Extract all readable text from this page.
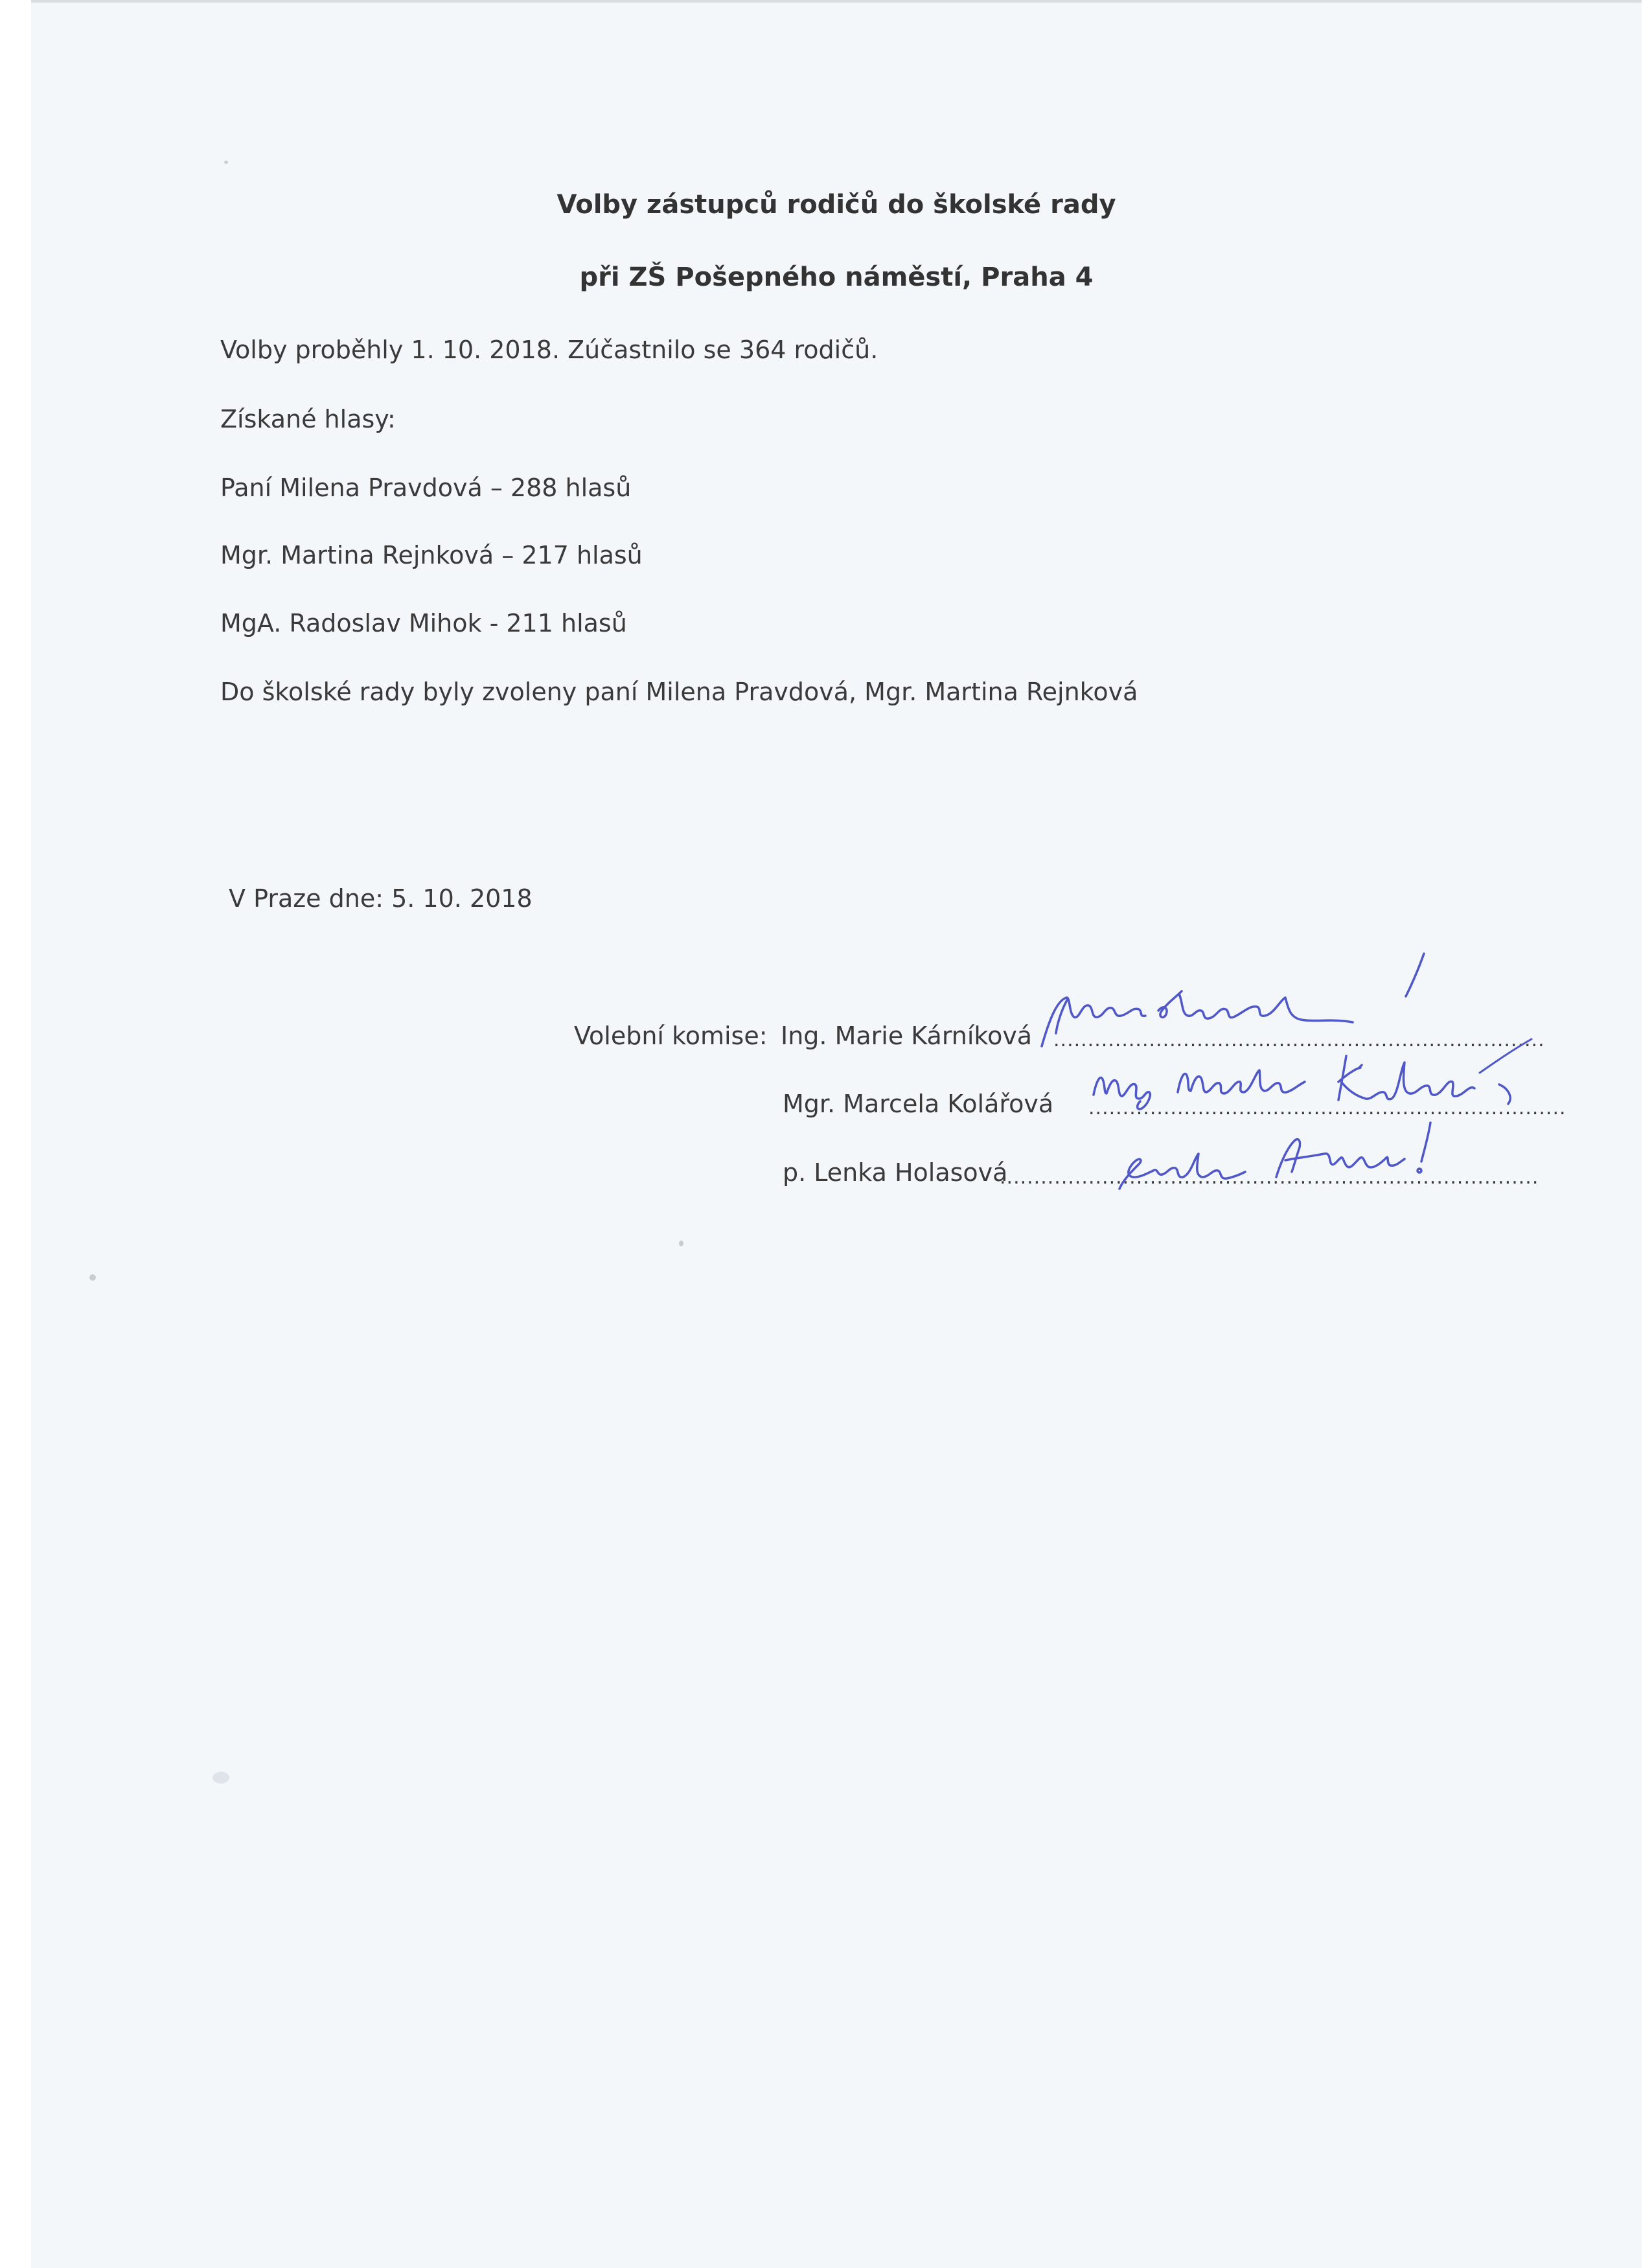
Volby zástupců rodičů do školské rady
při ZŠ Pošepného náměstí, Praha 4
Volby proběhly 1. 10. 2018. Zúčastnilo se 364 rodičů.
Získané hlasy:
Paní Milena Pravdová – 288 hlasů
Mgr. Martina Rejnková – 217 hlasů
MgA. Radoslav Mihok - 211 hlasů
Do školské rady byly zvoleny paní Milena Pravdová, Mgr. Martina Rejnková
V Praze dne: 5. 10. 2018
Volební komise: Ing. Marie Kárníková ........................................................................
Mgr. Marcela Kolářová ......................................................................
p. Lenka Holasová
...............................................................................
